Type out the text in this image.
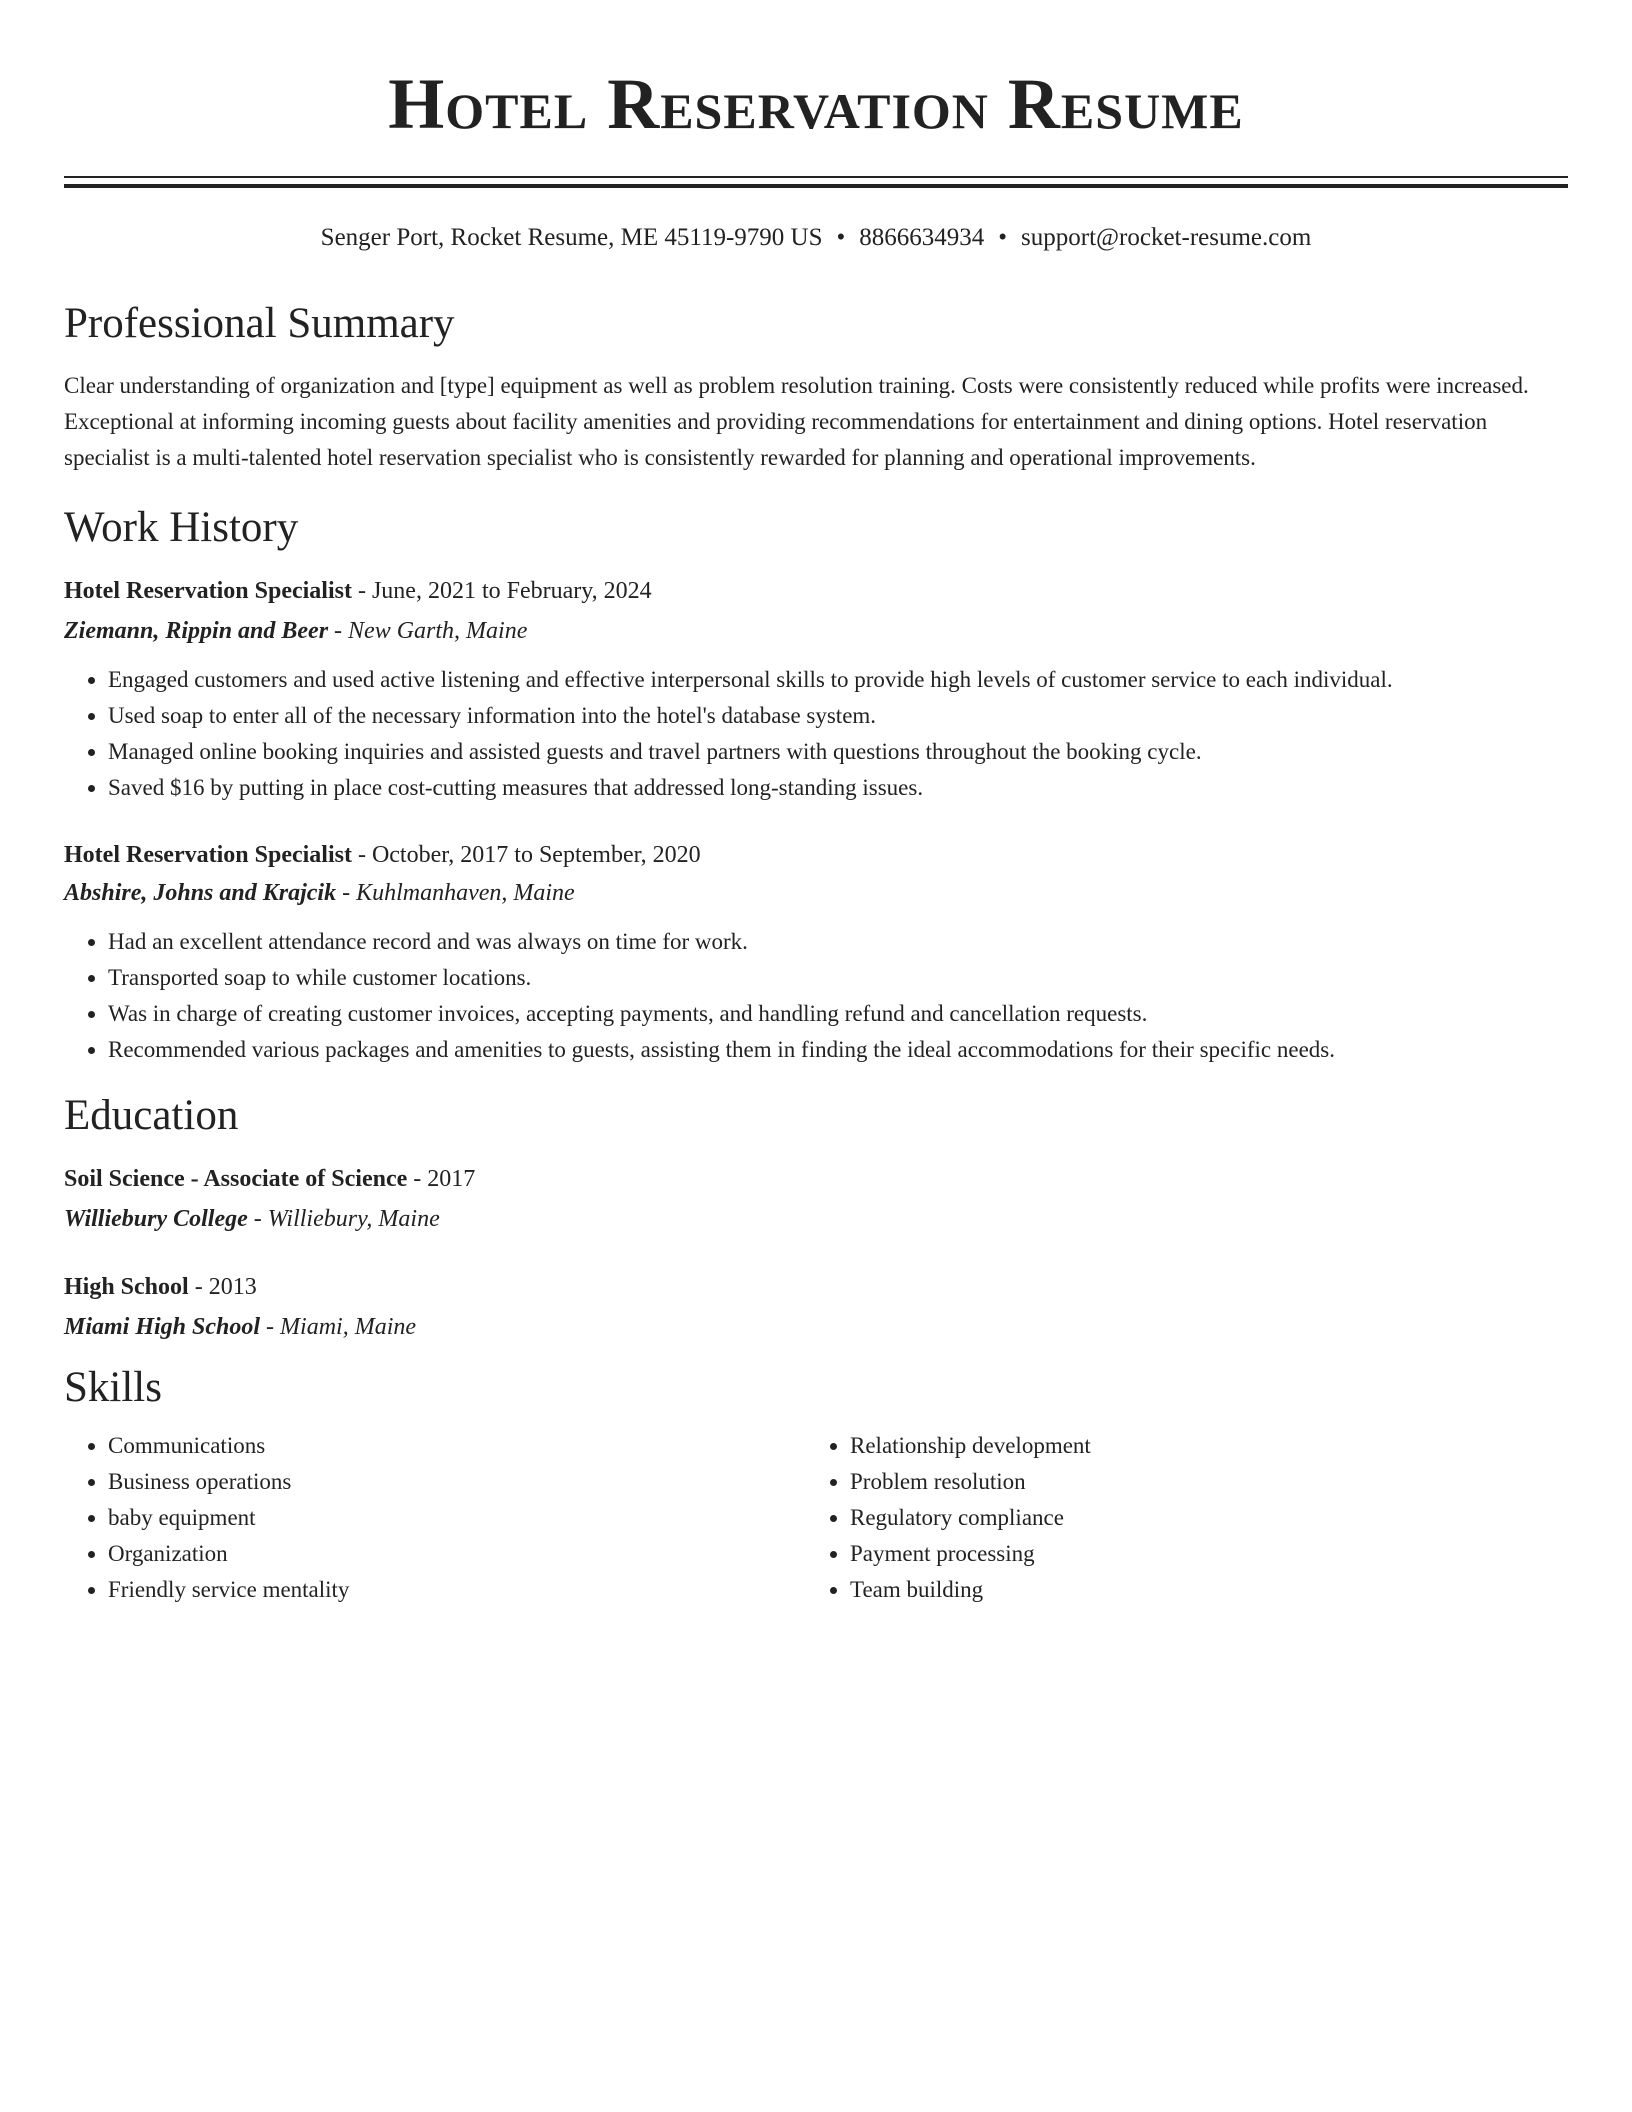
Hotel Reservation Resume
Senger Port, Rocket Resume, ME 45119-9790 US • 8866634934 • support@rocket-resume.com
Professional Summary

Clear understanding of organization and [type] equipment as well as problem resolution training. Costs were consistently reduced while profits were increased. Exceptional at informing incoming guests about facility amenities and providing recommendations for entertainment and dining options. Hotel reservation specialist is a multi-talented hotel reservation specialist who is consistently rewarded for planning and operational improvements.

Work History

Hotel Reservation Specialist - June, 2021 to February, 2024

Ziemann, Rippin and Beer - New Garth, Maine

• Engaged customers and used active listening and effective interpersonal skills to provide high levels of customer service to each individual.
• Used soap to enter all of the necessary information into the hotel's database system.
• Managed online booking inquiries and assisted guests and travel partners with questions throughout the booking cycle.
• Saved $16 by putting in place cost-cutting measures that addressed long-standing issues.

Hotel Reservation Specialist - October, 2017 to September, 2020

Abshire, Johns and Krajcik - Kuhlmanhaven, Maine

• Had an excellent attendance record and was always on time for work.
• Transported soap to while customer locations.
• Was in charge of creating customer invoices, accepting payments, and handling refund and cancellation requests.
• Recommended various packages and amenities to guests, assisting them in finding the ideal accommodations for their specific needs.
Education

Soil Science - Associate of Science - 2017

Williebury College - Williebury, Maine

High School - 2013

Miami High School - Miami, Maine

Skills
• Communications
• Business operations
• baby equipment
• Organization
• Friendly service mentality
• Relationship development
• Problem resolution
• Regulatory compliance
• Payment processing
• Team building
